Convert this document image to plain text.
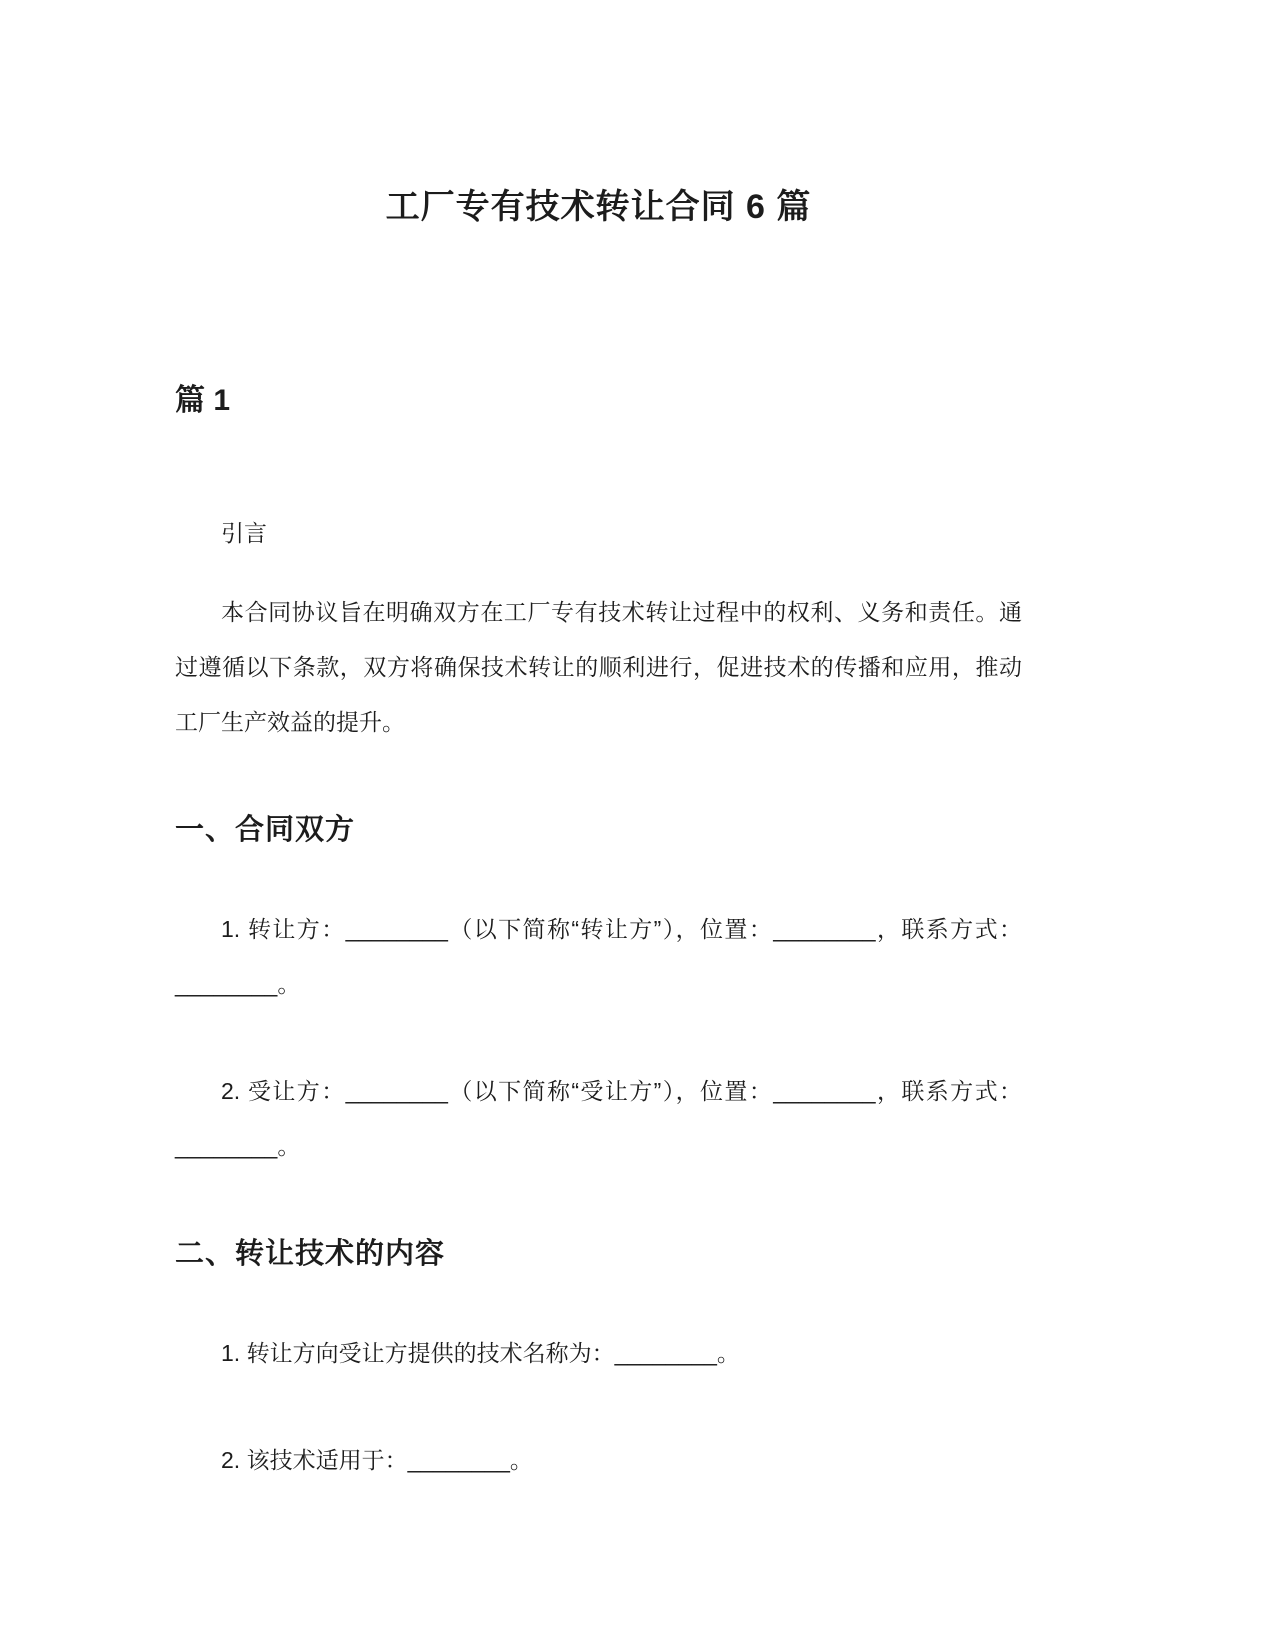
工厂专有技术转让合同 6 篇
篇 1

引言

本合同协议旨在明确双方在工厂专有技术转让过程中的权利、义务和责任。通过遵循以下条款，双方将确保技术转让的顺利进行，促进技术的传播和应用，推动工厂生产效益的提升。

一、合同双方

1. 转让方：________（以下简称“转让方”），位置：________，联系方式：________。

2. 受让方：________（以下简称“受让方”），位置：________，联系方式：________。

二、转让技术的内容

1. 转让方向受让方提供的技术名称为：________。

2. 该技术适用于：________。
